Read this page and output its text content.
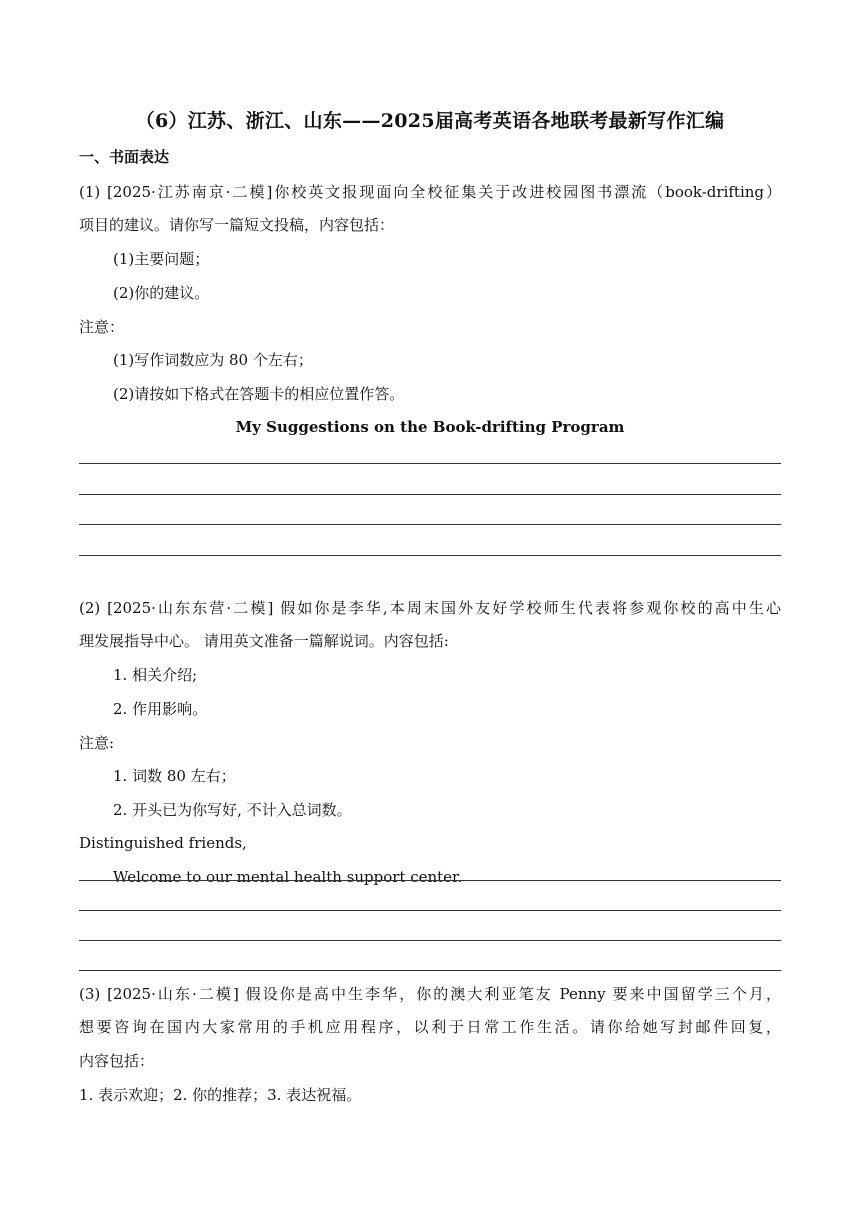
（6）江苏、浙江、山东——2025届高考英语各地联考最新写作汇编
一、书面表达
(1) [2025·江苏南京·二模]你校英文报现面向全校征集关于改进校园图书漂流（book-drifting）
项目的建议。请你写一篇短文投稿，内容包括：
(1)主要问题；
(2)你的建议。
注意：
(1)写作词数应为 80 个左右；
(2)请按如下格式在答题卡的相应位置作答。
My Suggestions on the Book-drifting Program
(2) [2025·山东东营·二模] 假如你是李华,本周末国外友好学校师生代表将参观你校的高中生心
理发展指导中心。 请用英文准备一篇解说词。内容包括:
1. 相关介绍;
2. 作用影响。
注意:
1. 词数 80 左右；
2. 开头已为你写好, 不计入总词数。
Distinguished friends,
Welcome to our mental health support center.
(3) [2025·山东·二模] 假设你是高中生李华，你的澳大利亚笔友 Penny 要来中国留学三个月，
想要咨询在国内大家常用的手机应用程序，以利于日常工作生活。请你给她写封邮件回复，
内容包括：
1. 表示欢迎；2. 你的推荐；3. 表达祝福。
